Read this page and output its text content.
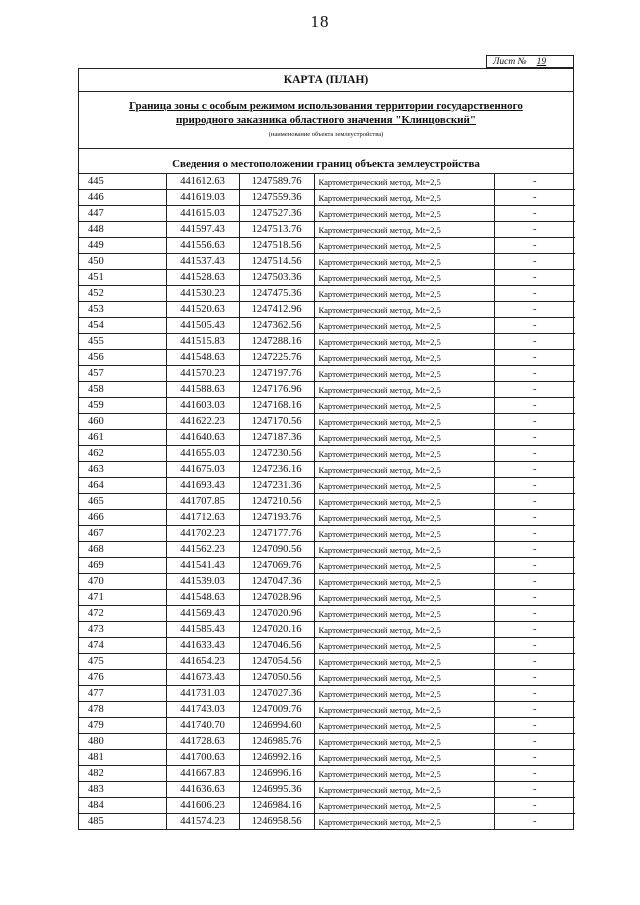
18
Лист № 19
КАРТА (ПЛАН)
Граница зоны с особым режимом использования территории государственного
природного заказника областного значения "Клинцовский"
(наименование объекта землеустройства)
Сведения о местоположении границ объекта землеустройства
445	441612.63	1247589.76	Картометрический метод, Mt=2,5	-
446	441619.03	1247559.36	Картометрический метод, Mt=2,5	-
447	441615.03	1247527.36	Картометрический метод, Mt=2,5	-
448	441597.43	1247513.76	Картометрический метод, Mt=2,5	-
449	441556.63	1247518.56	Картометрический метод, Mt=2,5	-
450	441537.43	1247514.56	Картометрический метод, Mt=2,5	-
451	441528.63	1247503.36	Картометрический метод, Mt=2,5	-
452	441530.23	1247475.36	Картометрический метод, Mt=2,5	-
453	441520.63	1247412.96	Картометрический метод, Mt=2,5	-
454	441505.43	1247362.56	Картометрический метод, Mt=2,5	-
455	441515.83	1247288.16	Картометрический метод, Mt=2,5	-
456	441548.63	1247225.76	Картометрический метод, Mt=2,5	-
457	441570.23	1247197.76	Картометрический метод, Mt=2,5	-
458	441588.63	1247176.96	Картометрический метод, Mt=2,5	-
459	441603.03	1247168.16	Картометрический метод, Mt=2,5	-
460	441622.23	1247170.56	Картометрический метод, Mt=2,5	-
461	441640.63	1247187.36	Картометрический метод, Mt=2,5	-
462	441655.03	1247230.56	Картометрический метод, Mt=2,5	-
463	441675.03	1247236.16	Картометрический метод, Mt=2,5	-
464	441693.43	1247231.36	Картометрический метод, Mt=2,5	-
465	441707.85	1247210.56	Картометрический метод, Mt=2,5	-
466	441712.63	1247193.76	Картометрический метод, Mt=2,5	-
467	441702.23	1247177.76	Картометрический метод, Mt=2,5	-
468	441562.23	1247090.56	Картометрический метод, Mt=2,5	-
469	441541.43	1247069.76	Картометрический метод, Mt=2,5	-
470	441539.03	1247047.36	Картометрический метод, Mt=2,5	-
471	441548.63	1247028.96	Картометрический метод, Mt=2,5	-
472	441569.43	1247020.96	Картометрический метод, Mt=2,5	-
473	441585.43	1247020.16	Картометрический метод, Mt=2,5	-
474	441633.43	1247046.56	Картометрический метод, Mt=2,5	-
475	441654.23	1247054.56	Картометрический метод, Mt=2,5	-
476	441673.43	1247050.56	Картометрический метод, Mt=2,5	-
477	441731.03	1247027.36	Картометрический метод, Mt=2,5	-
478	441743.03	1247009.76	Картометрический метод, Mt=2,5	-
479	441740.70	1246994.60	Картометрический метод, Mt=2,5	-
480	441728.63	1246985.76	Картометрический метод, Mt=2,5	-
481	441700.63	1246992.16	Картометрический метод, Mt=2,5	-
482	441667.83	1246996.16	Картометрический метод, Mt=2,5	-
483	441636.63	1246995.36	Картометрический метод, Mt=2,5	-
484	441606.23	1246984.16	Картометрический метод, Mt=2,5	-
485	441574.23	1246958.56	Картометрический метод, Mt=2,5	-
